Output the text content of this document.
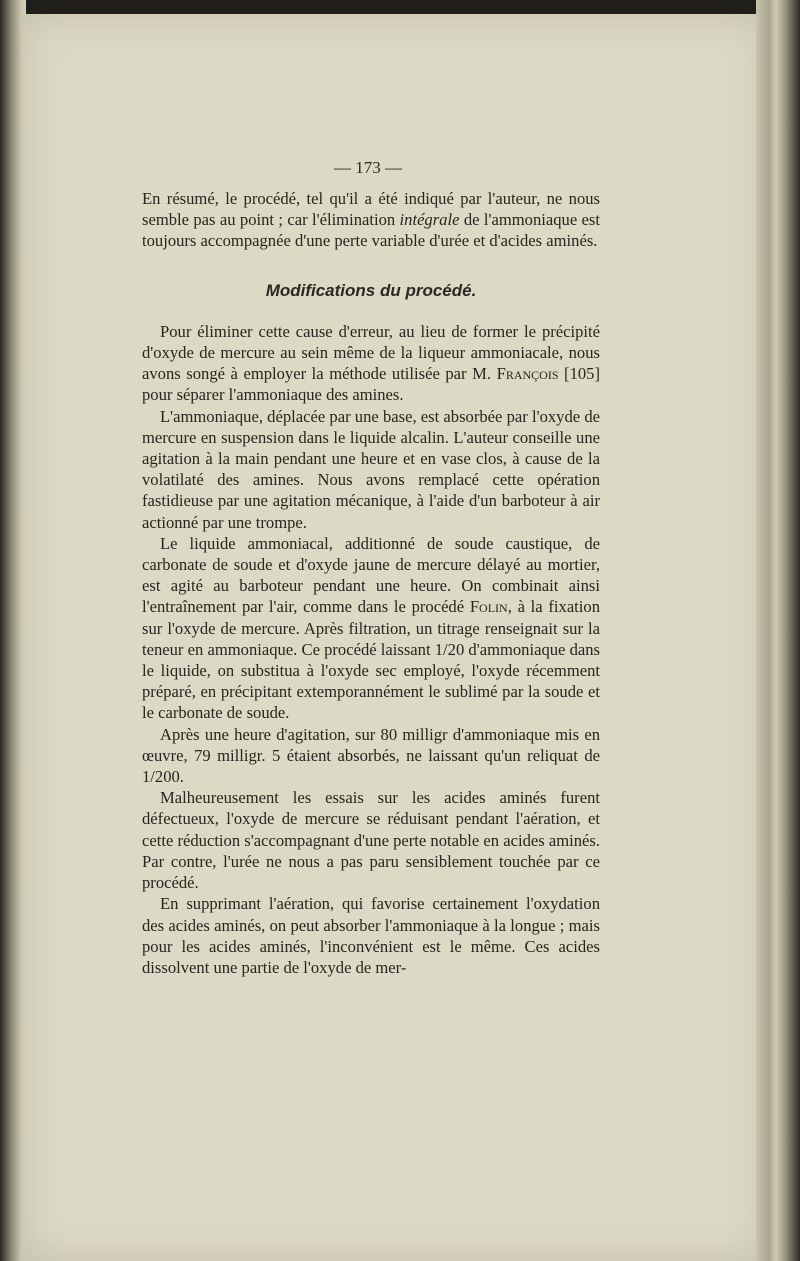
— 173 —

En résumé, le procédé, tel qu'il a été indiqué par l'auteur, ne nous semble pas au point ; car l'élimination intégrale de l'ammoniaque est toujours accompagnée d'une perte variable d'urée et d'acides aminés.

Modifications du procédé.

Pour éliminer cette cause d'erreur, au lieu de former le précipité d'oxyde de mercure au sein même de la liqueur ammoniacale, nous avons songé à employer la méthode utilisée par M. François [105] pour séparer l'ammoniaque des amines.

L'ammoniaque, déplacée par une base, est absorbée par l'oxyde de mercure en suspension dans le liquide alcalin. L'auteur conseille une agitation à la main pendant une heure et en vase clos, à cause de la volatilaté des amines. Nous avons remplacé cette opération fastidieuse par une agitation mécanique, à l'aide d'un barboteur à air actionné par une trompe.

Le liquide ammoniacal, additionné de soude caustique, de carbonate de soude et d'oxyde jaune de mercure délayé au mortier, est agité au barboteur pendant une heure. On combinait ainsi l'entraînement par l'air, comme dans le procédé Folin, à la fixation sur l'oxyde de mercure. Après filtration, un titrage renseignait sur la teneur en ammoniaque. Ce procédé laissant 1/20 d'ammoniaque dans le liquide, on substitua à l'oxyde sec employé, l'oxyde récemment préparé, en précipitant extemporannément le sublimé par la soude et le carbonate de soude.

Après une heure d'agitation, sur 80 milligr d'ammoniaque mis en œuvre, 79 milligr. 5 étaient absorbés, ne laissant qu'un reliquat de 1/200.

Malheureusement les essais sur les acides aminés furent défectueux, l'oxyde de mercure se réduisant pendant l'aération, et cette réduction s'accompagnant d'une perte notable en acides aminés. Par contre, l'urée ne nous a pas paru sensiblement touchée par ce procédé.

En supprimant l'aération, qui favorise certainement l'oxydation des acides aminés, on peut absorber l'ammoniaque à la longue ; mais pour les acides aminés, l'inconvénient est le même. Ces acides dissolvent une partie de l'oxyde de mer-
